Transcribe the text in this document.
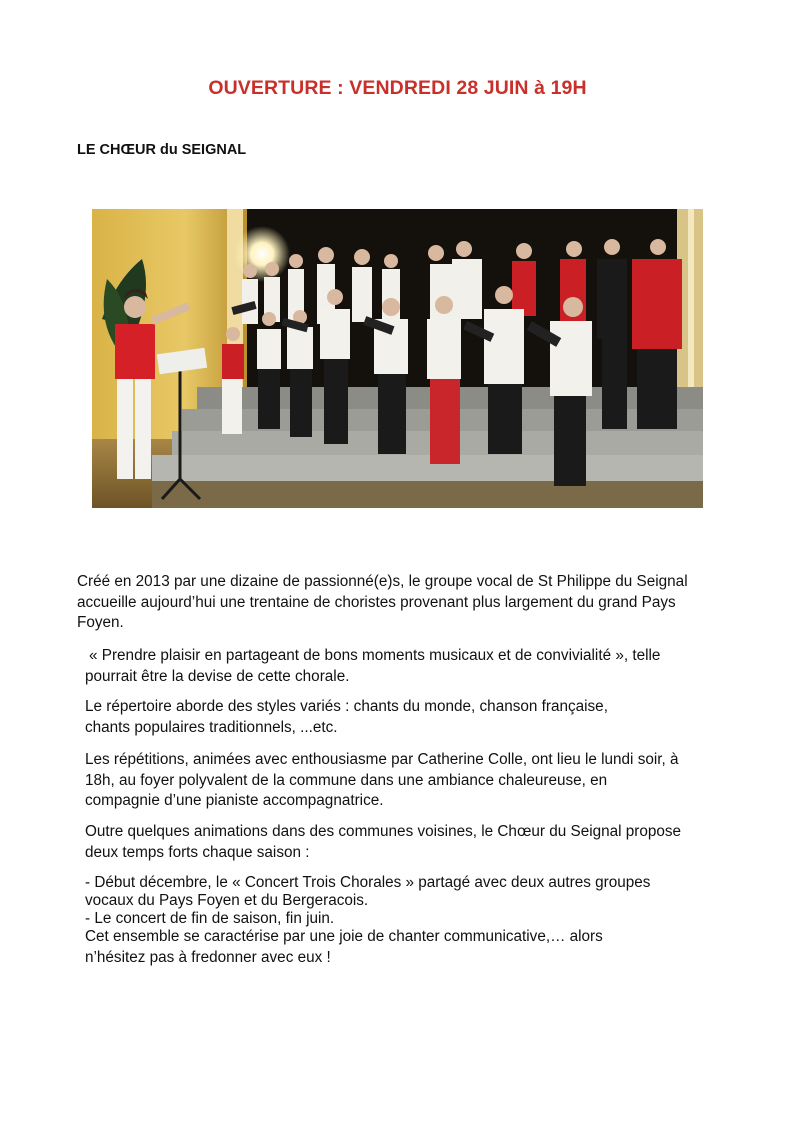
OUVERTURE : VENDREDI 28 JUIN à 19H
LE CHŒUR du SEIGNAL
Créé en 2013 par une dizaine de passionné(e)s, le groupe vocal de St Philippe du Seignal
accueille aujourd’hui une trentaine de choristes provenant plus largement du grand Pays
Foyen.
« Prendre plaisir en partageant de bons moments musicaux et de convivialité », telle
pourrait être la devise de cette chorale.
Le répertoire aborde des styles variés : chants du monde, chanson française,
chants populaires traditionnels, ...etc.
Les répétitions, animées avec enthousiasme par Catherine Colle, ont lieu le lundi soir, à
18h, au foyer polyvalent de la commune dans une ambiance chaleureuse, en
compagnie d’une pianiste accompagnatrice.
Outre quelques animations dans des communes voisines, le Chœur du Seignal propose
deux temps forts chaque saison :
- Début décembre, le « Concert Trois Chorales » partagé avec deux autres groupes
vocaux du Pays Foyen et du Bergeracois.
- Le concert de fin de saison, fin juin.
Cet ensemble se caractérise par une joie de chanter communicative,… alors
n’hésitez pas à fredonner avec eux !
